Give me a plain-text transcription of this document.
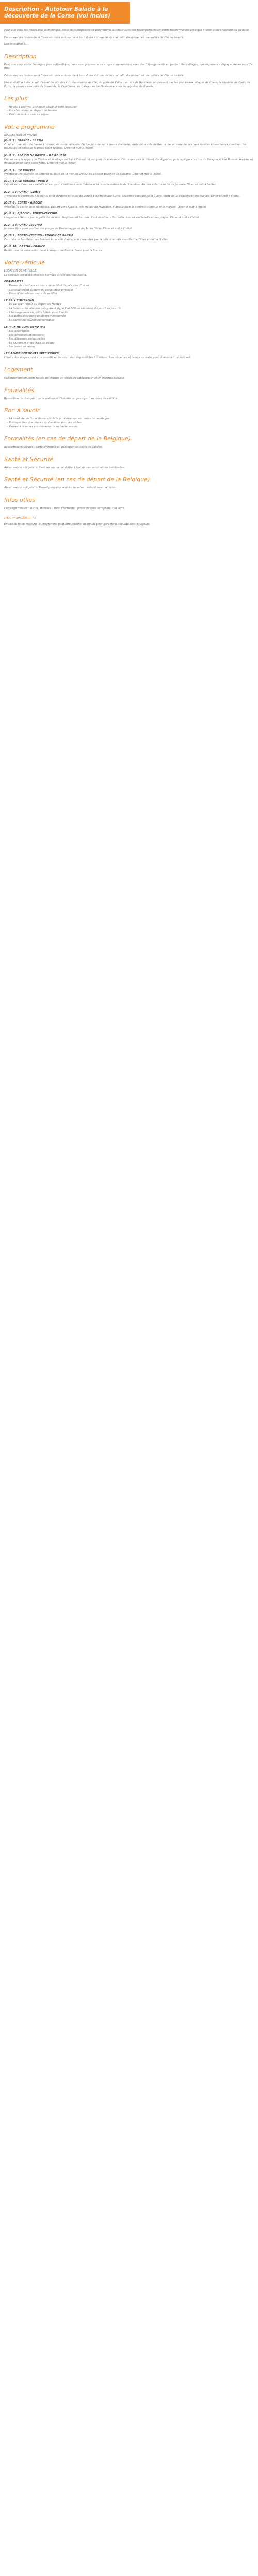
Description - Autotour Balade à la découverte de la Corse (vol inclus)

Pour que vous les mieux plus authentique, nous vous proposons ce programme autotour avec des hébergements en petits hôtels villages ainsi que l'hôtel, chez l'habitant ou en hôtel.

Découvrez les routes de la Corse en toute autonomie à bord d'une voiture de location afin d'explorer les merveilles de l'île de beauté.

Une invitation à...

Description

Pour que vous viviez les séjour plus authentique, nous vous proposons ce programme autotour avec des hébergements en petits hôtels villages, une expérience dépaysante en bord de mer.

Découvrez les routes de la Corse en toute autonomie à bord d'une voiture de location afin d'explorer les merveilles de l'île de beauté.

Une invitation à découvrir 'l'essai' du site des incontournables de l'île, du golfe de Valinco au site de Bonifacio, en passant par les plus beaux villages de Corse, la citadelle de Calvi, de Porto, la réserve naturelle de Scandola, le Cap Corse, les Calanques de Piana ou encore les aiguilles de Bavella.

Les plus
- Hôtels à charme, à chaque étape et petit déjeuner
- Vol aller retour au départ de Nantes
- Véhicule inclus dans ce séjour
Votre programme

SUGGESTION DE VISITES

JOUR 1 : FRANCE - BASTIA

Envol en direction de Bastia. Livraison de votre véhicule. En fonction de votre heure d'arrivée, visite de la ville de Bastia, découverte de ses rues étroites et ses beaux quartiers, les boutiques et cafés de la place Saint-Nicolas. Dîner et nuit à l'hôtel.

JOUR 2 : REGION DE BASTIA - ILE ROUSSE

Départ vers la région du Nebbio et le village de Saint-Florent, et son port de plaisance. Continuez vers le désert des Agriates, puis rejoignez la côte de Balagne et l'Île Rousse. Arrivée en fin de journée dans votre hôtel. Dîner et nuit à l'hôtel.

JOUR 3 : ILE ROUSSE

Profitez d'une journée de détente au bord de la mer ou visitez les villages perchés de Balagne. Dîner et nuit à l'hôtel.

JOUR 4 : ILE ROUSSE - PORTO

Départ vers Calvi, sa citadelle et son port. Continuez vers Galéria et la réserve naturelle de Scandola. Arrivée à Porto en fin de journée. Dîner et nuit à l'hôtel.

JOUR 5 : PORTO - CORTE

Traversez le centre de l'île par la forêt d'Aïtone et le col de Vergio pour rejoindre Corte, ancienne capitale de la Corse. Visite de la citadelle et des ruelles. Dîner et nuit à l'hôtel.

JOUR 6 : CORTE - AJACCIO

Visite de la vallée de la Restonica. Départ vers Ajaccio, ville natale de Napoléon. Flânerie dans le centre historique et le marché. Dîner et nuit à l'hôtel.

JOUR 7 : AJACCIO - PORTO-VECCHIO

Longez la côte sud par le golfe du Valinco, Propriano et Sartène. Continuez vers Porto-Vecchio, sa vieille ville et ses plages. Dîner et nuit à l'hôtel.

JOUR 8 : PORTO-VECCHIO

Journée libre pour profiter des plages de Palombaggia et de Santa Giulia. Dîner et nuit à l'hôtel.

JOUR 9 : PORTO-VECCHIO - REGION DE BASTIA

Excursion à Bonifacio, ses falaises et sa ville haute, puis remontée par la côte orientale vers Bastia. Dîner et nuit à l'hôtel.

JOUR 10 : BASTIA - FRANCE

Restitution de votre véhicule et transport de Bastia. Envol pour la France.

Votre véhicule

LOCATION DE VEHICULE

Le véhicule est disponible dès l'arrivée à l'aéroport de Bastia.

FORMALITÉS

- Permis de conduire en cours de validité depuis plus d'un an
- Carte de crédit au nom du conducteur principal
- Pièce d'identité en cours de validité

LE PRIX COMPREND

- Le vol aller retour au départ de Nantes
- La location du véhicule catégorie A (type Fiat 500 ou similaire) du jour 1 au jour 10
- L'hébergement en petits hôtels pour 9 nuits
- Les petits déjeuners et dîners mentionnés
- Le carnet de voyage personnalisé

LE PRIX NE COMPREND PAS

- Les assurances
- Les déjeuners et boissons
- Les dépenses personnelles
- Le carburant et les frais de péage
- Les taxes de séjour

LES RENSEIGNEMENTS SPÉCIFIQUES

L'ordre des étapes peut être modifié en fonction des disponibilités hôtelières. Les distances et temps de trajet sont donnés à titre indicatif.

Logement

Hébergement en petits hôtels de charme et hôtels de catégorie 2* et 3* (normes locales).

Formalités

Ressortissants français : carte nationale d'identité ou passeport en cours de validité.

Bon à savoir
- La conduite en Corse demande de la prudence sur les routes de montagne.
- Prévoyez des chaussures confortables pour les visites.
- Pensez à réserver vos restaurants en haute saison.
Formalités (en cas de départ de la Belgique)

Ressortissants belges : carte d'identité ou passeport en cours de validité.

Santé et Sécurité

Aucun vaccin obligatoire. Il est recommandé d'être à jour de ses vaccinations habituelles.

Santé et Sécurité (en cas de départ de la Belgique)

Aucun vaccin obligatoire. Renseignez-vous auprès de votre médecin avant le départ.

Infos utiles

Décalage horaire : aucun. Monnaie : euro. Électricité : prises de type européen, 220 volts.

RESPONSABILITÉ

En cas de force majeure, le programme peut être modifié ou annulé pour garantir la sécurité des voyageurs.
